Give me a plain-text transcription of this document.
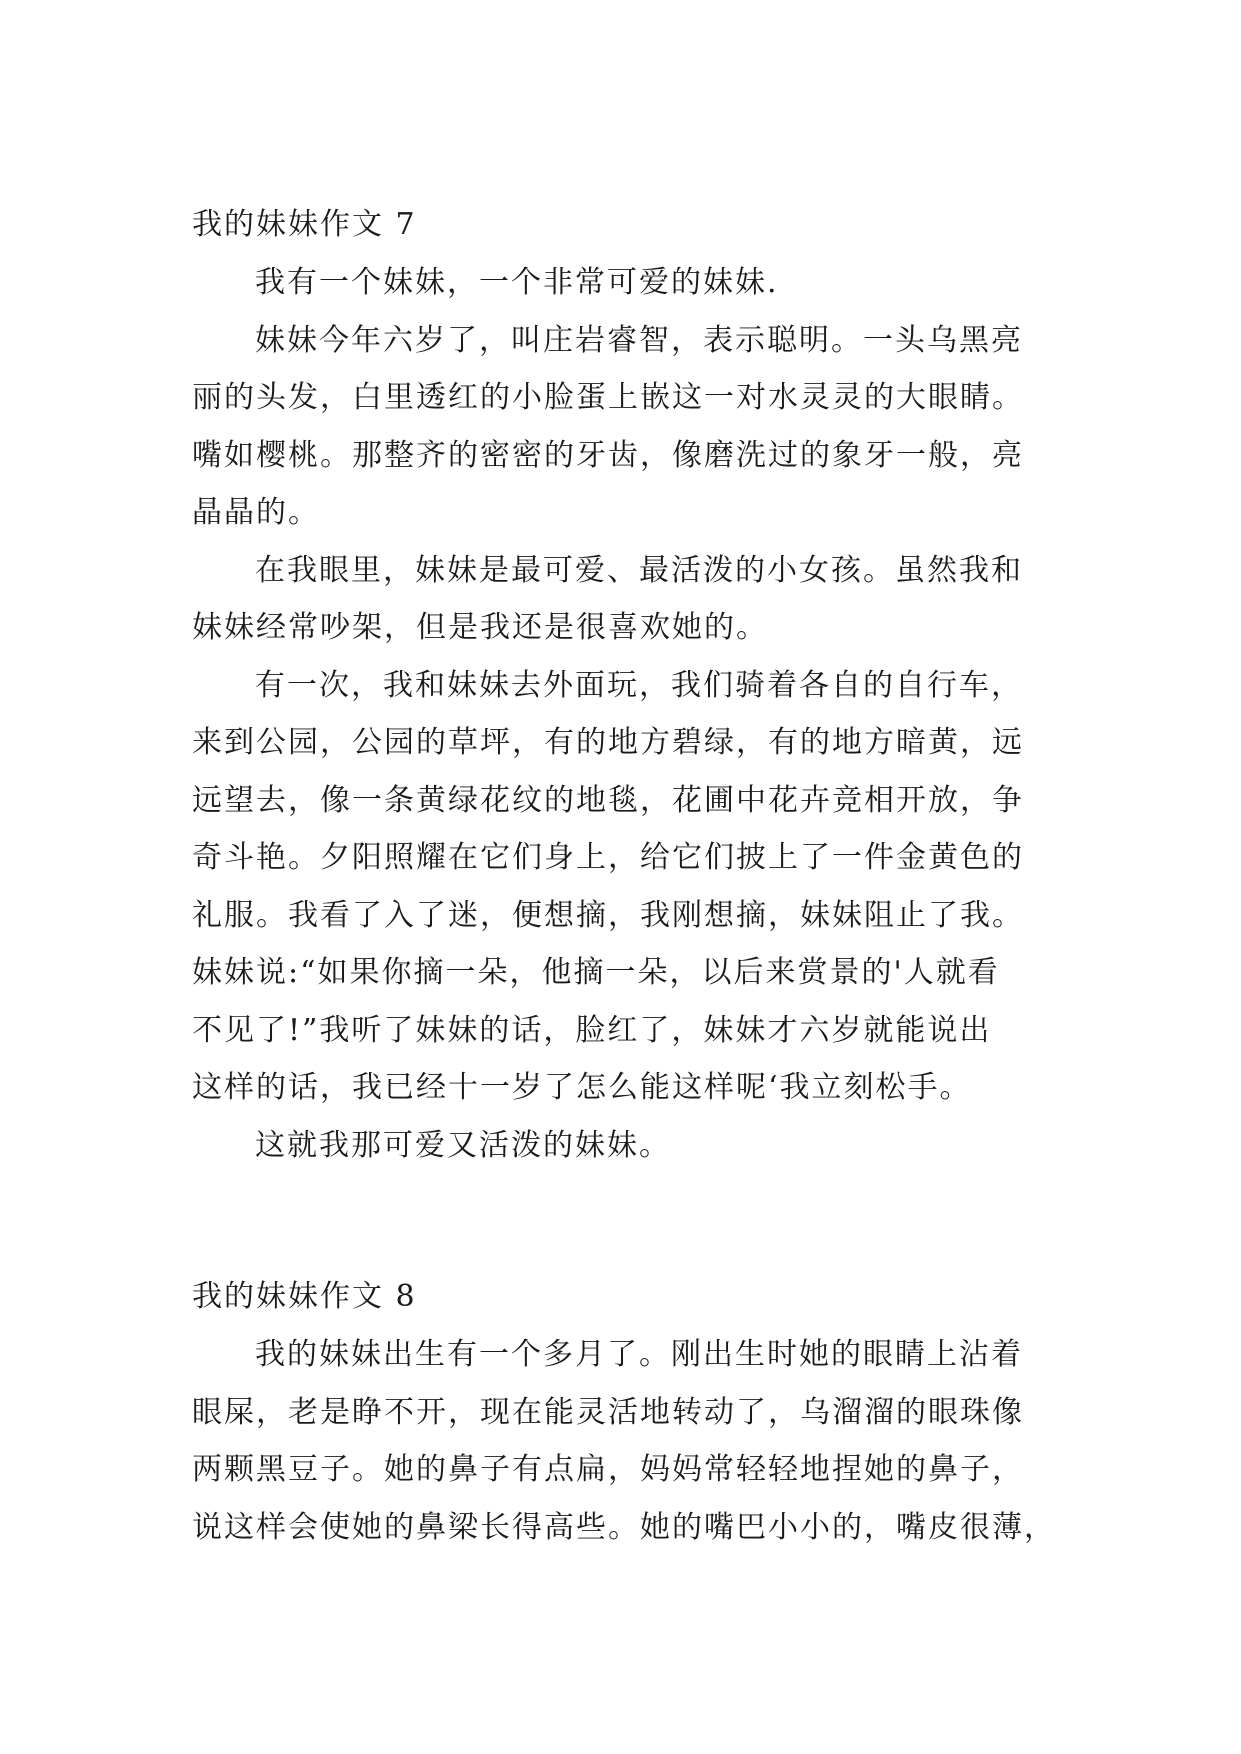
我的妹妹作文 7
我有一个妹妹，一个非常可爱的妹妹.
妹妹今年六岁了，叫庄岩睿智，表示聪明。一头乌黑亮
丽的头发，白里透红的小脸蛋上嵌这一对水灵灵的大眼睛。
嘴如樱桃。那整齐的密密的牙齿，像磨洗过的象牙一般，亮
晶晶的。
在我眼里，妹妹是最可爱、最活泼的小女孩。虽然我和
妹妹经常吵架，但是我还是很喜欢她的。
有一次，我和妹妹去外面玩，我们骑着各自的自行车，
来到公园，公园的草坪，有的地方碧绿，有的地方暗黄，远
远望去，像一条黄绿花纹的地毯，花圃中花卉竞相开放，争
奇斗艳。夕阳照耀在它们身上，给它们披上了一件金黄色的
礼服。我看了入了迷，便想摘，我刚想摘，妹妹阻止了我。
妹妹说:“如果你摘一朵，他摘一朵，以后来赏景的'人就看
不见了!”我听了妹妹的话，脸红了，妹妹才六岁就能说出
这样的话，我已经十一岁了怎么能这样呢‘我立刻松手。
这就我那可爱又活泼的妹妹。
我的妹妹作文 8
我的妹妹出生有一个多月了。刚出生时她的眼睛上沾着
眼屎，老是睁不开，现在能灵活地转动了，乌溜溜的眼珠像
两颗黑豆子。她的鼻子有点扁，妈妈常轻轻地捏她的鼻子，
说这样会使她的鼻梁长得高些。她的嘴巴小小的，嘴皮很薄，
